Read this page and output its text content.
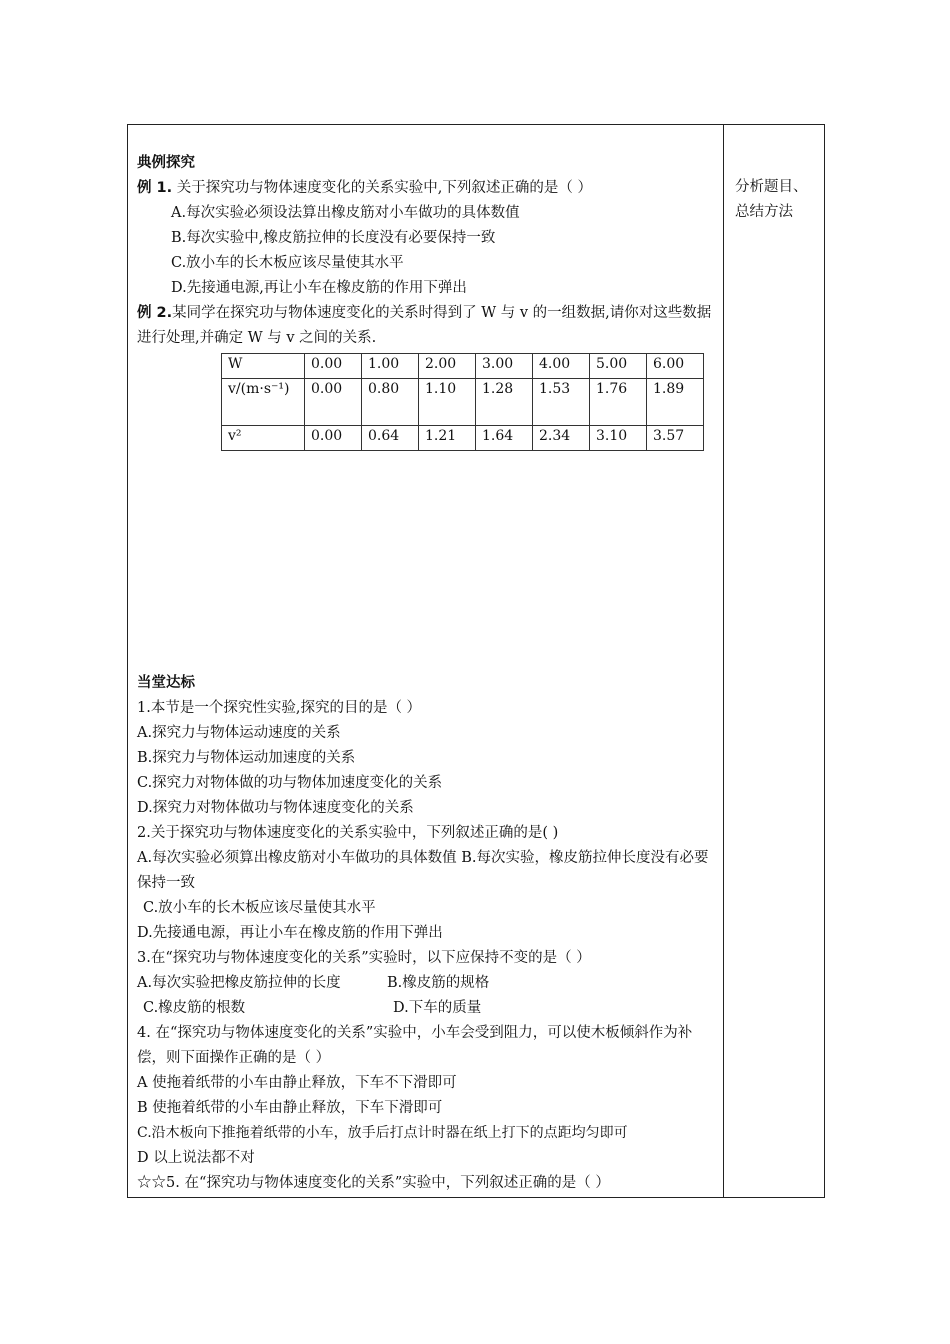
典例探究
例 1. 关于探究功与物体速度变化的关系实验中,下列叙述正确的是（ ）
A.每次实验必须设法算出橡皮筋对小车做功的具体数值
B.每次实验中,橡皮筋拉伸的长度没有必要保持一致
C.放小车的长木板应该尽量使其水平
D.先接通电源,再让小车在橡皮筋的作用下弹出
例 2.某同学在探究功与物体速度变化的关系时得到了 W 与 v 的一组数据,请你对这些数据进行处理,并确定 W 与 v 之间的关系.
W	0.00	1.00	2.00	3.00	4.00	5.00	6.00
v/(m·s⁻¹)	0.00	0.80	1.10	1.28	1.53	1.76	1.89
v²	0.00	0.64	1.21	1.64	2.34	3.10	3.57
当堂达标
1.本节是一个探究性实验,探究的目的是（ ）
A.探究力与物体运动速度的关系
B.探究力与物体运动加速度的关系
C.探究力对物体做的功与物体加速度变化的关系
D.探究力对物体做功与物体速度变化的关系
2.关于探究功与物体速度变化的关系实验中，下列叙述正确的是( )
A.每次实验必须算出橡皮筋对小车做功的具体数值 B.每次实验，橡皮筋拉伸长度没有必要保持一致
C.放小车的长木板应该尽量使其水平
D.先接通电源，再让小车在橡皮筋的作用下弹出
3.在“探究功与物体速度变化的关系”实验时，以下应保持不变的是（ ）
A.每次实验把橡皮筋拉伸的长度	B.橡皮筋的规格
C.橡皮筋的根数	D.下车的质量
4. 在“探究功与物体速度变化的关系”实验中，小车会受到阻力，可以使木板倾斜作为补偿，则下面操作正确的是（ ）
A 使拖着纸带的小车由静止释放，下车不下滑即可
B 使拖着纸带的小车由静止释放，下车下滑即可
C.沿木板向下推拖着纸带的小车，放手后打点计时器在纸上打下的点距均匀即可
D 以上说法都不对
☆☆5. 在“探究功与物体速度变化的关系”实验中，下列叙述正确的是（ ）
分析题目、总结方法
